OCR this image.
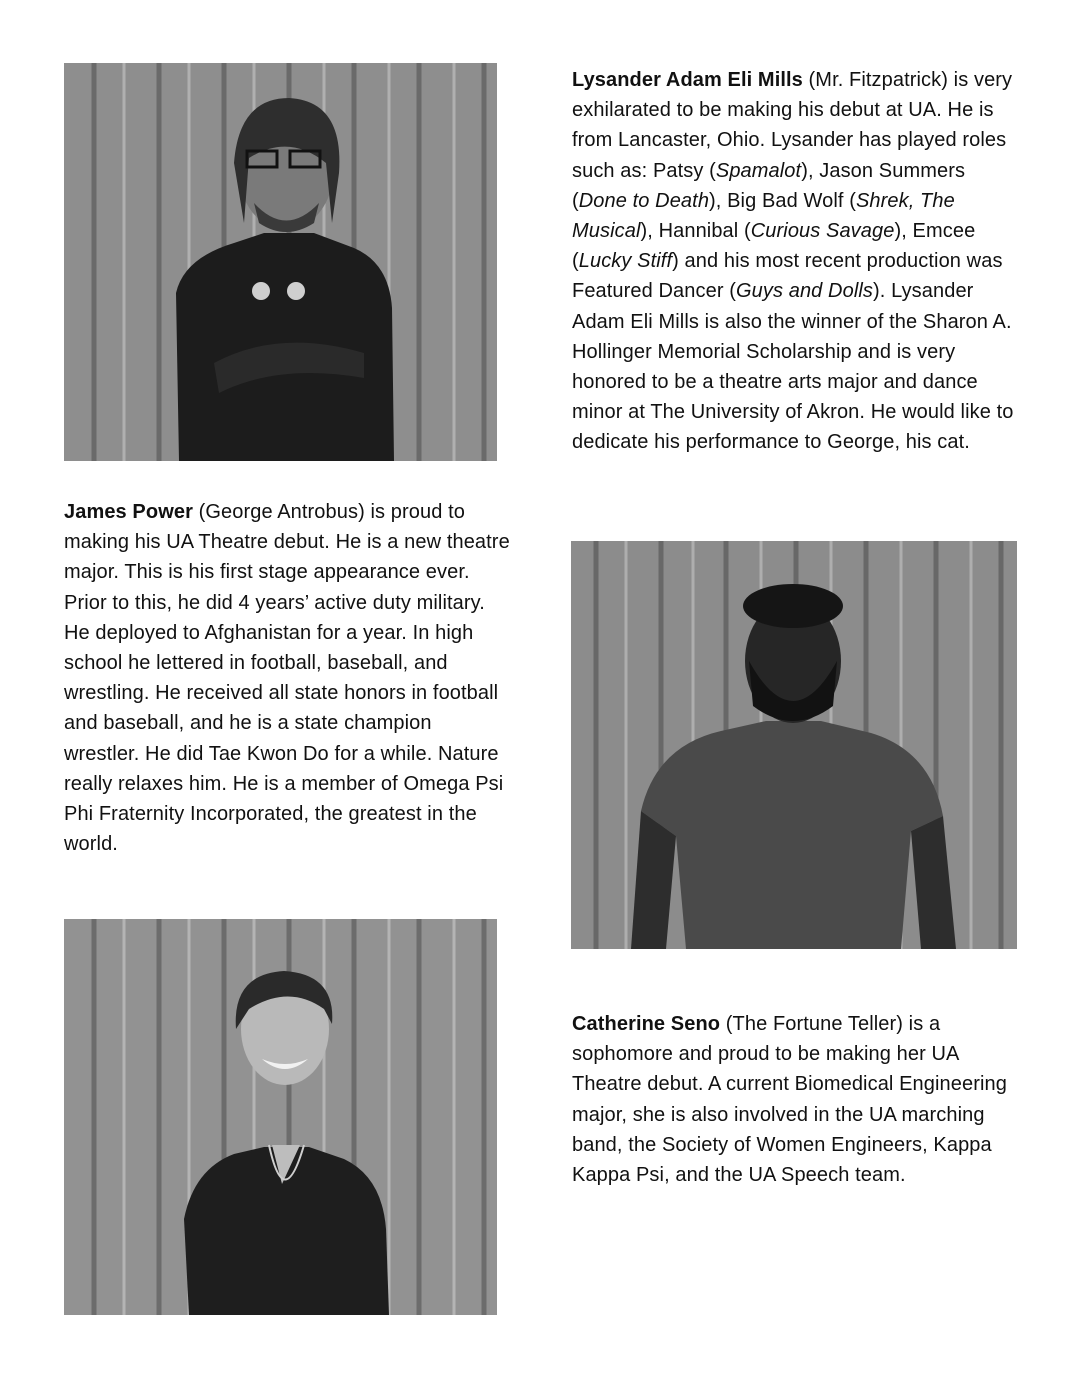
Lysander Adam Eli Mills (Mr. Fitzpatrick) is very exhilarated to be making his debut at UA. He is from Lancaster, Ohio. Lysander has played roles such as: Patsy (Spamalot), Jason Summers (Done to Death), Big Bad Wolf (Shrek, The Musical), Hannibal (Curious Savage), Emcee (Lucky Stiff) and his most recent production was Featured Dancer (Guys and Dolls). Lysander Adam Eli Mills is also the winner of the Sharon A. Hollinger Memorial Scholarship and is very honored to be a theatre arts major and dance minor at The University of Akron. He would like to dedicate his performance to George, his cat.
James Power (George Antrobus) is proud to making his UA Theatre debut. He is a new theatre major. This is his first stage appearance ever. Prior to this, he did 4 years’ active duty military. He deployed to Afghanistan for a year. In high school he lettered in football, baseball, and wrestling. He received all state honors in football and baseball, and he is a state champion wrestler. He did Tae Kwon Do for a while. Nature really relaxes him. He is a member of Omega Psi Phi Fraternity Incorporated, the greatest in the world.
Catherine Seno (The Fortune Teller) is a sophomore and proud to be making her UA Theatre debut. A current Biomedical Engineering major, she is also involved in the UA marching band, the Society of Women Engineers, Kappa Kappa Psi, and the UA Speech team.
